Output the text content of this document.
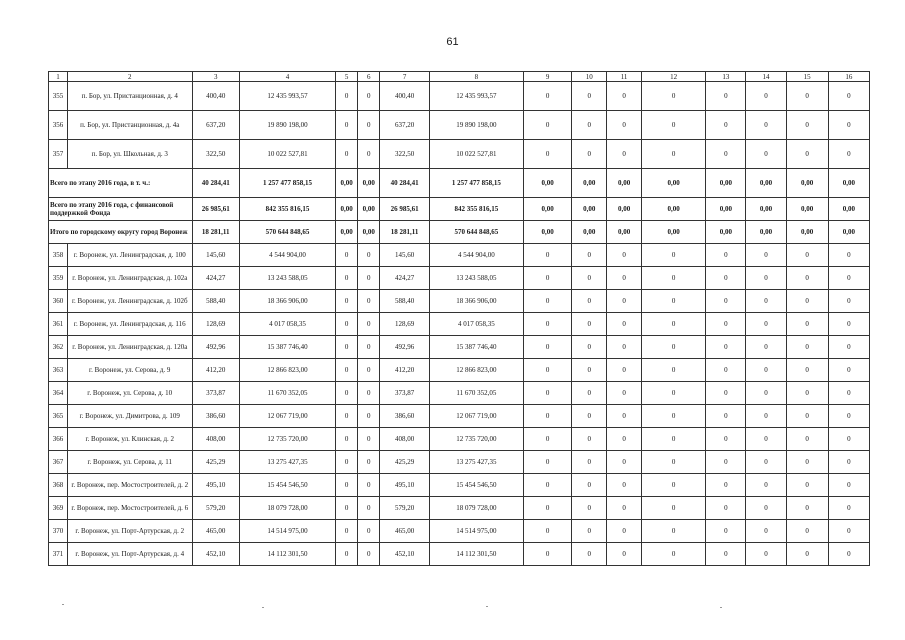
61
1	2	3	4	5	6	7	8	9	10	11	12	13	14	15	16
355	п. Бор, ул. Пристанционная, д. 4	400,40	12 435 993,57	0	0	400,40	12 435 993,57	0	0	0	0	0	0	0	0
356	п. Бор, ул. Пристанционная, д. 4а	637,20	19 890 198,00	0	0	637,20	19 890 198,00	0	0	0	0	0	0	0	0
357	п. Бор, ул. Школьная, д. 3	322,50	10 022 527,81	0	0	322,50	10 022 527,81	0	0	0	0	0	0	0	0
Всего по этапу 2016 года, в т. ч.:		40 284,41	1 257 477 858,15	0,00	0,00	40 284,41	1 257 477 858,15	0,00	0,00	0,00	0,00	0,00	0,00	0,00	0,00
Всего по этапу 2016 года, с финансовой поддержкой Фонда		26 985,61	842 355 816,15	0,00	0,00	26 985,61	842 355 816,15	0,00	0,00	0,00	0,00	0,00	0,00	0,00	0,00
Итого по городскому округу город Воронеж		18 281,11	570 644 848,65	0,00	0,00	18 281,11	570 644 848,65	0,00	0,00	0,00	0,00	0,00	0,00	0,00	0,00
358	г. Воронеж, ул. Ленинградская, д. 100	145,60	4 544 904,00	0	0	145,60	4 544 904,00	0	0	0	0	0	0	0	0
359	г. Воронеж, ул. Ленинградская, д. 102а	424,27	13 243 588,05	0	0	424,27	13 243 588,05	0	0	0	0	0	0	0	0
360	г. Воронеж, ул. Ленинградская, д. 102б	588,40	18 366 906,00	0	0	588,40	18 366 906,00	0	0	0	0	0	0	0	0
361	г. Воронеж, ул. Ленинградская, д. 116	128,69	4 017 058,35	0	0	128,69	4 017 058,35	0	0	0	0	0	0	0	0
362	г. Воронеж, ул. Ленинградская, д. 120а	492,96	15 387 746,40	0	0	492,96	15 387 746,40	0	0	0	0	0	0	0	0
363	г. Воронеж, ул. Серова, д. 9	412,20	12 866 823,00	0	0	412,20	12 866 823,00	0	0	0	0	0	0	0	0
364	г. Воронеж, ул. Серова, д. 10	373,87	11 670 352,05	0	0	373,87	11 670 352,05	0	0	0	0	0	0	0	0
365	г. Воронеж, ул. Димитрова, д. 109	386,60	12 067 719,00	0	0	386,60	12 067 719,00	0	0	0	0	0	0	0	0
366	г. Воронеж, ул. Клинская, д. 2	408,00	12 735 720,00	0	0	408,00	12 735 720,00	0	0	0	0	0	0	0	0
367	г. Воронеж, ул. Серова, д. 11	425,29	13 275 427,35	0	0	425,29	13 275 427,35	0	0	0	0	0	0	0	0
368	г. Воронеж, пер. Мостостроителей, д. 2	495,10	15 454 546,50	0	0	495,10	15 454 546,50	0	0	0	0	0	0	0	0
369	г. Воронеж, пер. Мостостроителей, д. 6	579,20	18 079 728,00	0	0	579,20	18 079 728,00	0	0	0	0	0	0	0	0
370	г. Воронеж, ул. Порт-Артурская, д. 2	465,00	14 514 975,00	0	0	465,00	14 514 975,00	0	0	0	0	0	0	0	0
371	г. Воронеж, ул. Порт-Артурская, д. 4	452,10	14 112 301,50	0	0	452,10	14 112 301,50	0	0	0	0	0	0	0	0
